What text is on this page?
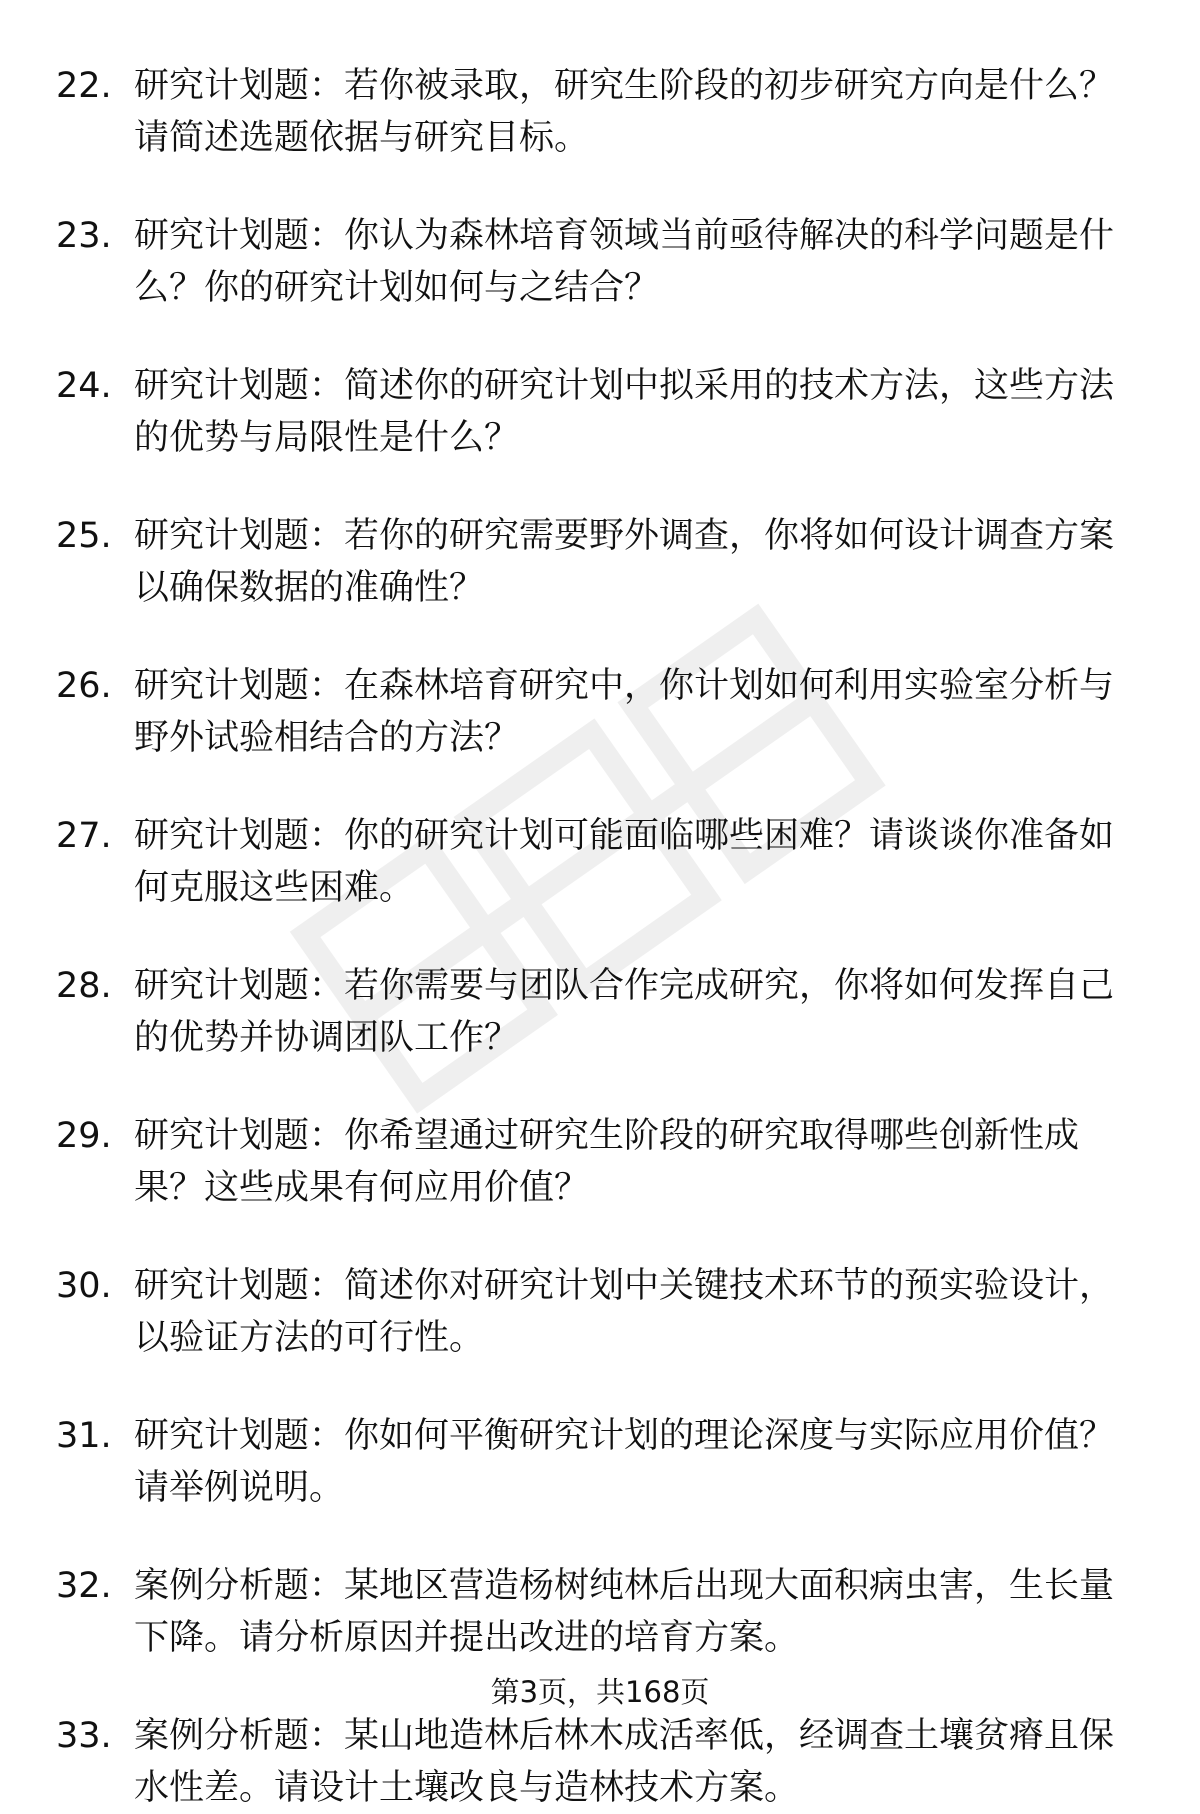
22. 研究计划题：若你被录取，研究生阶段的初步研究方向是什么？请简述选题依据与研究目标。
23. 研究计划题：你认为森林培育领域当前亟待解决的科学问题是什么？你的研究计划如何与之结合？
24. 研究计划题：简述你的研究计划中拟采用的技术方法，这些方法的优势与局限性是什么？
25. 研究计划题：若你的研究需要野外调查，你将如何设计调查方案以确保数据的准确性？
26. 研究计划题：在森林培育研究中，你计划如何利用实验室分析与野外试验相结合的方法？
27. 研究计划题：你的研究计划可能面临哪些困难？请谈谈你准备如何克服这些困难。
28. 研究计划题：若你需要与团队合作完成研究，你将如何发挥自己的优势并协调团队工作？
29. 研究计划题：你希望通过研究生阶段的研究取得哪些创新性成果？这些成果有何应用价值？
30. 研究计划题：简述你对研究计划中关键技术环节的预实验设计，以验证方法的可行性。
31. 研究计划题：你如何平衡研究计划的理论深度与实际应用价值？请举例说明。
32. 案例分析题：某地区营造杨树纯林后出现大面积病虫害，生长量下降。请分析原因并提出改进的培育方案。
33. 案例分析题：某山地造林后林木成活率低，经调查土壤贫瘠且保水性差。请设计土壤改良与造林技术方案。
第3页，共168页
